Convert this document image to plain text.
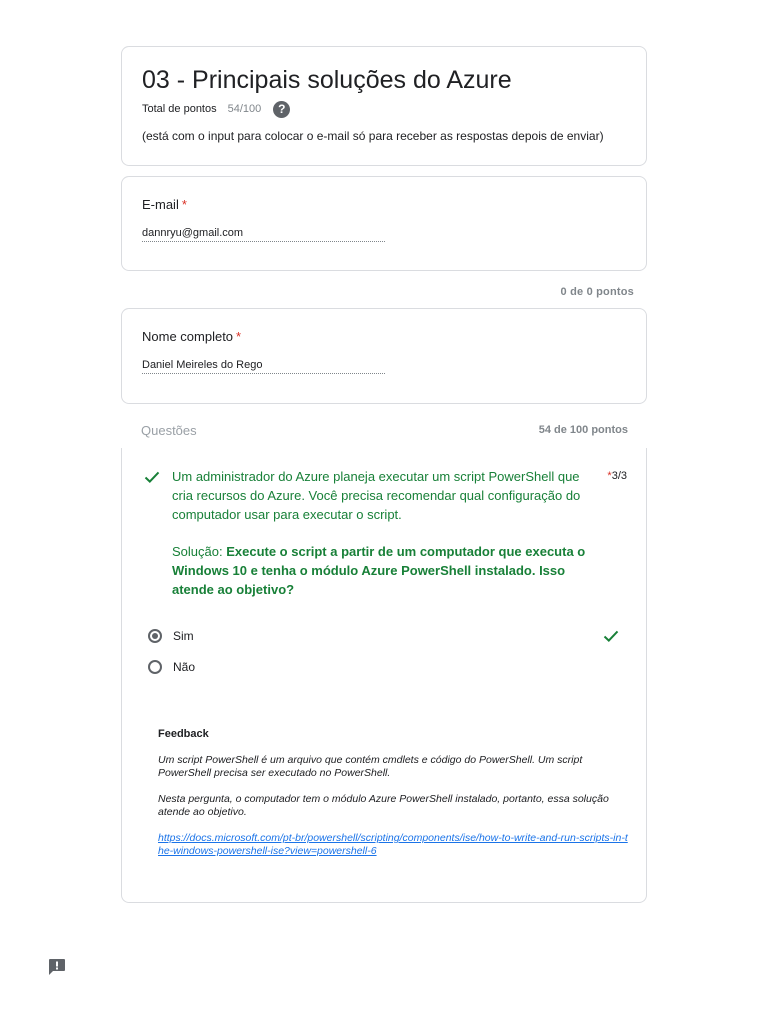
03 - Principais soluções do Azure
Total de pontos 54/100	?
(está com o input para colocar o e-mail só para receber as respostas depois de enviar)
E-mail *
dannryu@gmail.com
0 de 0 pontos
Nome completo *
Daniel Meireles do Rego
Questões	54 de 100 pontos

Um administrador do Azure planeja executar um script PowerShell que cria recursos do Azure. Você precisa recomendar qual configuração do computador usar para executar o script.

Solução: Execute o script a partir de um computador que executa o Windows 10 e tenha o módulo Azure PowerShell instalado. Isso atende ao objetivo?

*3/3
Sim
Não
Feedback

Um script PowerShell é um arquivo que contém cmdlets e código do PowerShell. Um script PowerShell precisa ser executado no PowerShell.

Nesta pergunta, o computador tem o módulo Azure PowerShell instalado, portanto, essa solução atende ao objetivo.

https://docs.microsoft.com/pt-br/powershell/scripting/components/ise/how-to-write-and-run-scripts-in-the-windows-powershell-ise?view=powershell-6
